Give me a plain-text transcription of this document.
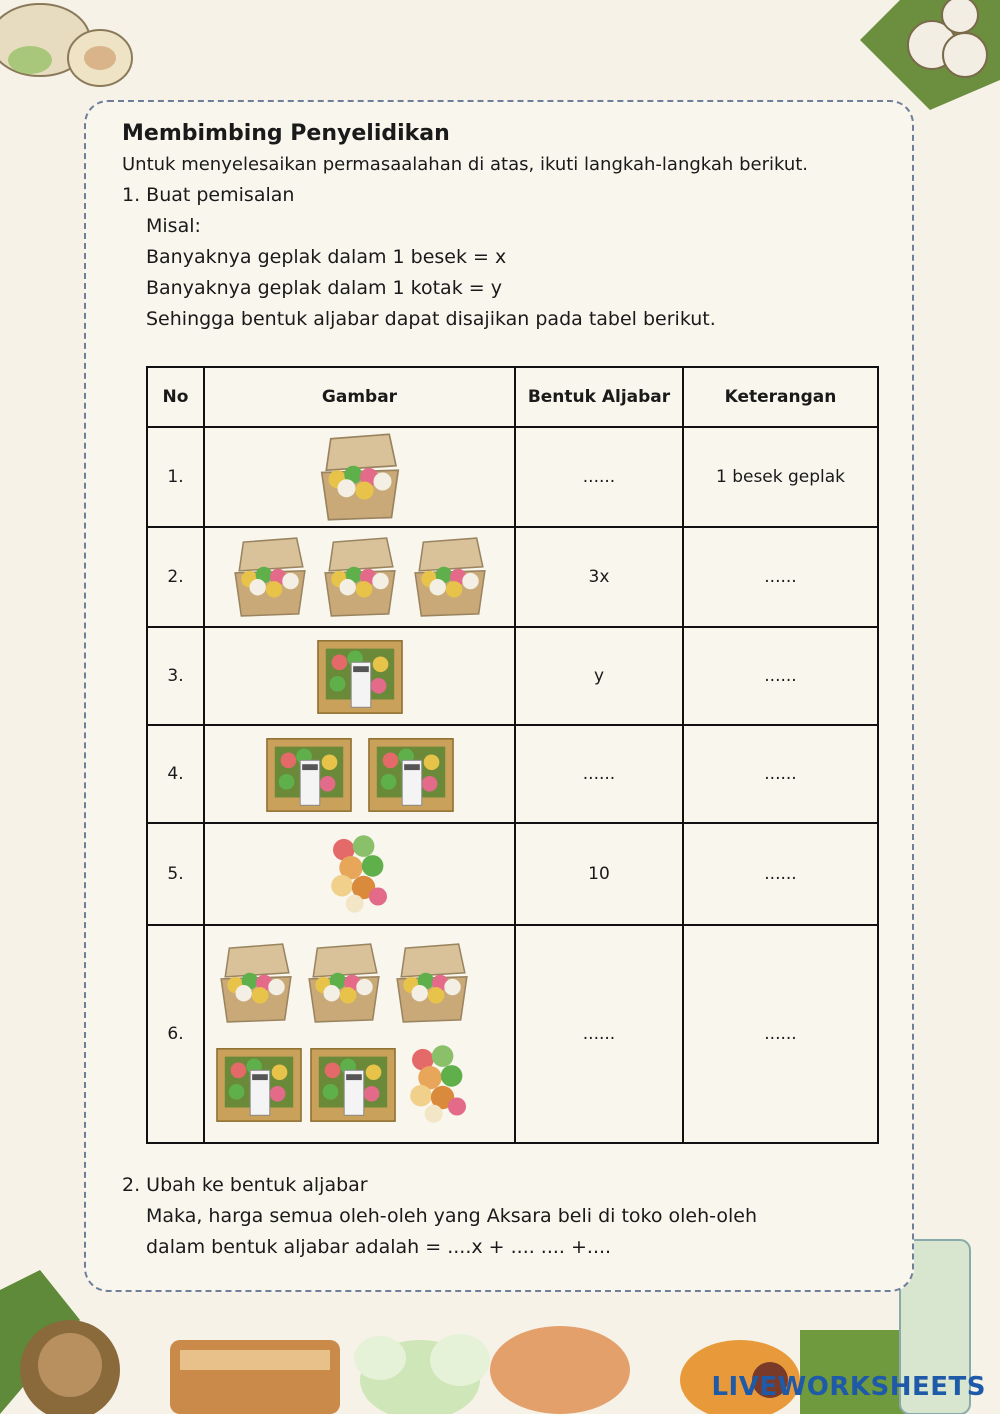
Membimbing Penyelidikan

Untuk menyelesaikan permasaalahan di atas, ikuti langkah-langkah berikut.

1. Buat pemisalan

Misal:

Banyaknya geplak dalam 1 besek = x

Banyaknya geplak dalam 1 kotak = y

Sehingga bentuk aljabar dapat disajikan pada tabel berikut.

No	Gambar	Bentuk Aljabar	Keterangan
1.		......	1 besek geplak
2.		3x	......
3.		y	......
4.		......	......
5.		10	......
6.		......	......

2. Ubah ke bentuk aljabar

Maka, harga semua oleh-oleh yang Aksara beli di toko oleh-oleh

dalam bentuk aljabar adalah = ....x + .... .... +....

LIVEWORKSHEETS
